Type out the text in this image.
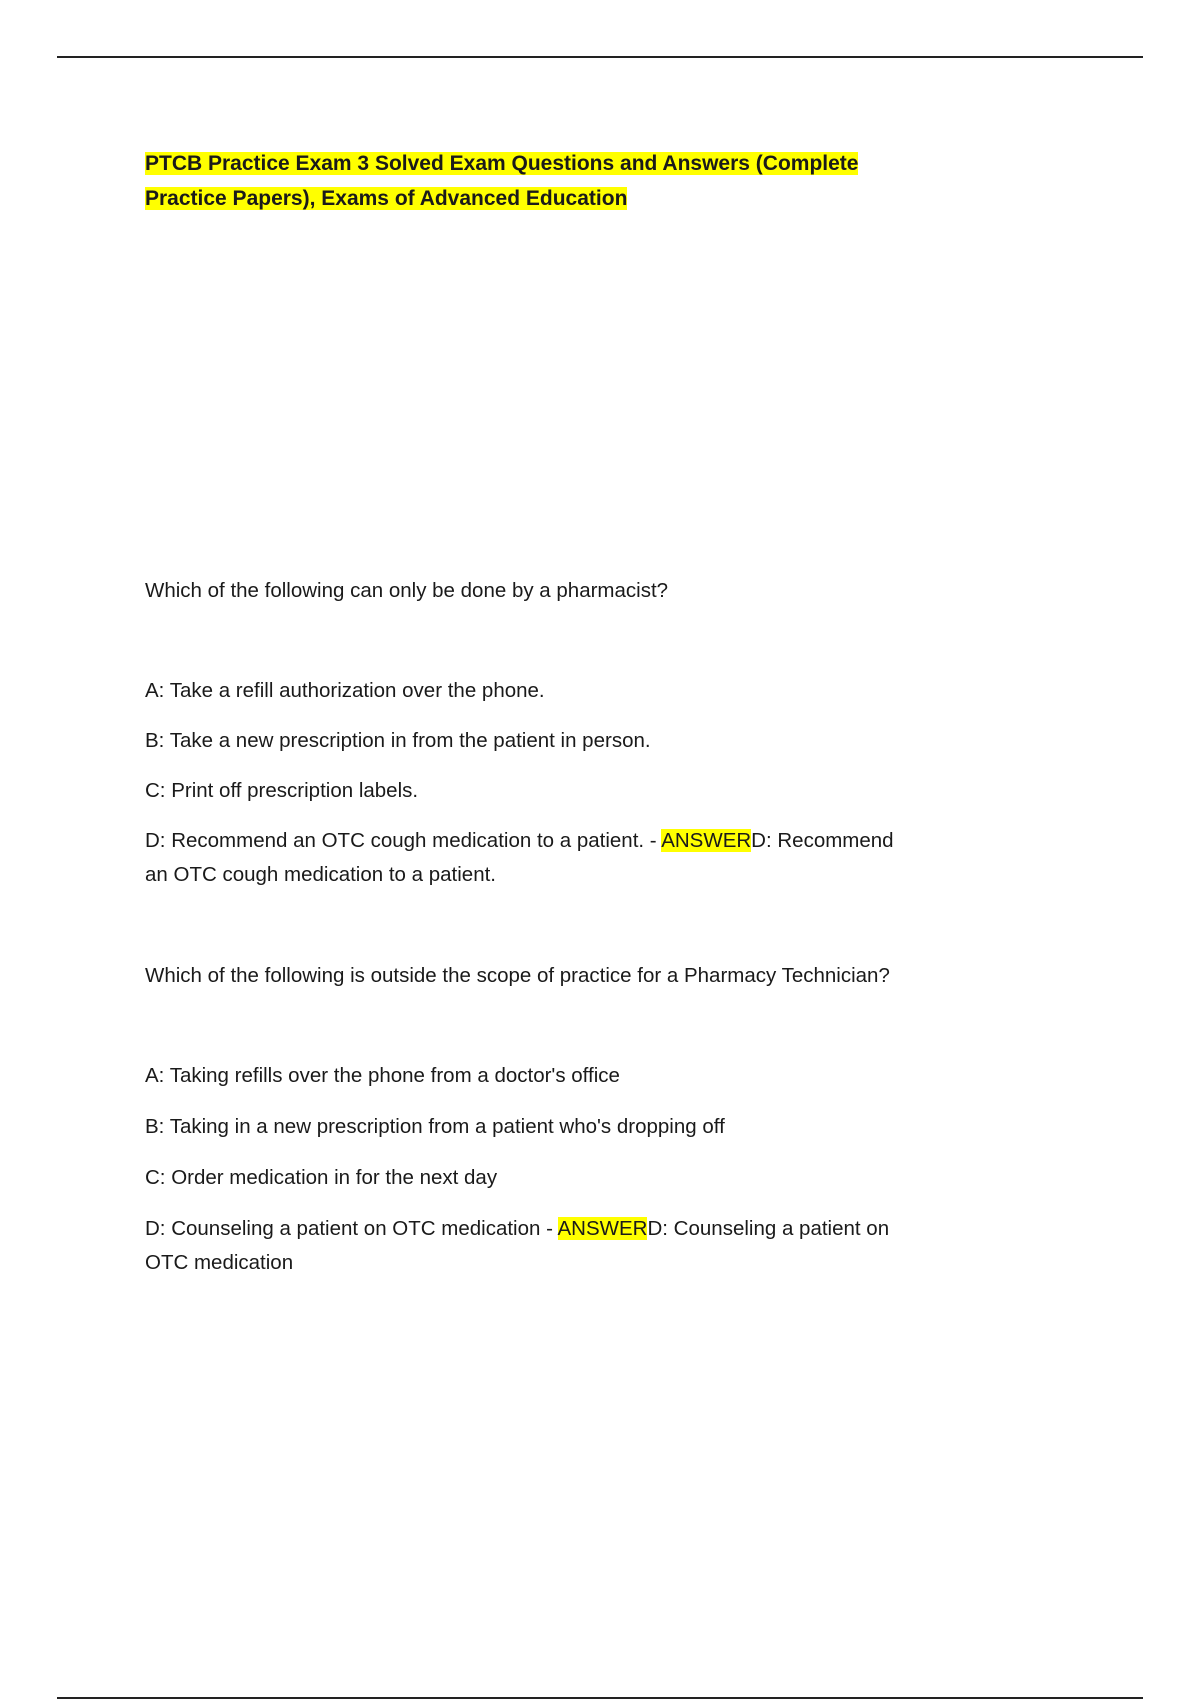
PTCB Practice Exam 3 Solved Exam Questions and Answers (Complete
Practice Papers), Exams of Advanced Education

Which of the following can only be done by a pharmacist?

A: Take a refill authorization over the phone.

B: Take a new prescription in from the patient in person.

C: Print off prescription labels.

D: Recommend an OTC cough medication to a patient. - ANSWERD: Recommend an OTC cough medication to a patient.

Which of the following is outside the scope of practice for a Pharmacy Technician?

A: Taking refills over the phone from a doctor's office

B: Taking in a new prescription from a patient who's dropping off

C: Order medication in for the next day

D: Counseling a patient on OTC medication - ANSWERD: Counseling a patient on OTC medication
